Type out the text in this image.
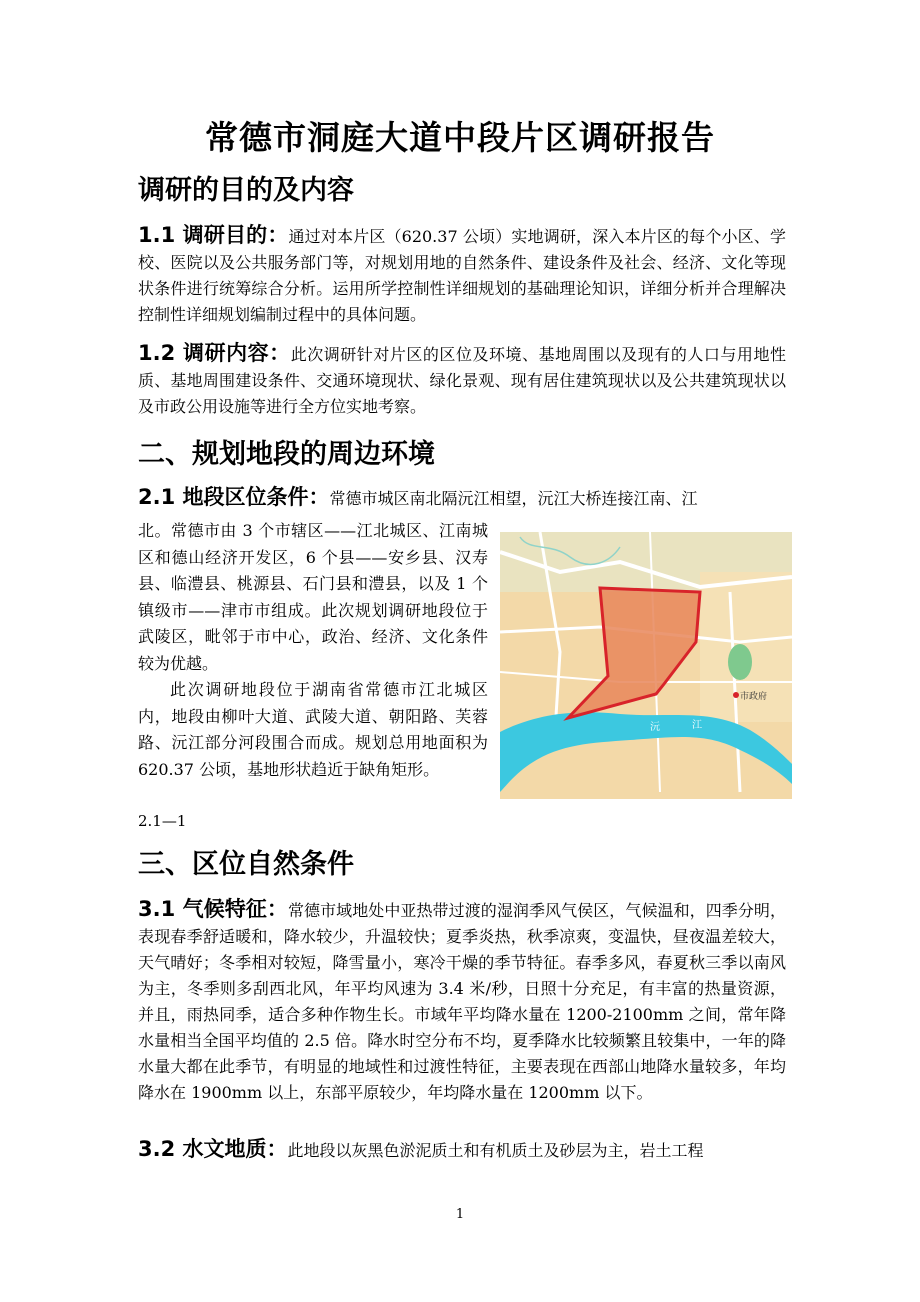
常德市洞庭大道中段片区调研报告
调研的目的及内容
1.1 调研目的：通过对本片区（620.37 公顷）实地调研，深入本片区的每个小区、学校、医院以及公共服务部门等，对规划用地的自然条件、建设条件及社会、经济、文化等现状条件进行统筹综合分析。运用所学控制性详细规划的基础理论知识，详细分析并合理解决控制性详细规划编制过程中的具体问题。
1.2 调研内容：此次调研针对片区的区位及环境、基地周围以及现有的人口与用地性质、基地周围建设条件、交通环境现状、绿化景观、现有居住建筑现状以及公共建筑现状以及市政公用设施等进行全方位实地考察。
二、规划地段的周边环境
2.1 地段区位条件：常德市城区南北隔沅江相望，沅江大桥连接江南、江
北。常德市由 3 个市辖区——江北城区、江南城区和德山经济开发区，6 个县——安乡县、汉寿县、临澧县、桃源县、石门县和澧县，以及 1 个镇级市——津市市组成。此次规划调研地段位于武陵区，毗邻于市中心，政治、经济、文化条件较为优越。
此次调研地段位于湖南省常德市江北城区内，地段由柳叶大道、武陵大道、朝阳路、芙蓉路、沅江部分河段围合而成。规划总用地面积为 620.37 公顷，基地形状趋近于缺角矩形。
沅	江
市政府
2.1—1
三、区位自然条件
3.1 气候特征：常德市域地处中亚热带过渡的湿润季风气侯区，气候温和，四季分明，表现春季舒适暖和，降水较少，升温较快；夏季炎热，秋季凉爽，变温快，昼夜温差较大，天气晴好；冬季相对较短，降雪量小，寒冷干燥的季节特征。春季多风，春夏秋三季以南风为主，冬季则多刮西北风，年平均风速为 3.4 米/秒，日照十分充足，有丰富的热量资源，并且，雨热同季，适合多种作物生长。市域年平均降水量在 1200-2100mm 之间，常年降水量相当全国平均值的 2.5 倍。降水时空分布不均，夏季降水比较频繁且较集中，一年的降水量大都在此季节，有明显的地域性和过渡性特征，主要表现在西部山地降水量较多，年均降水在 1900mm 以上，东部平原较少，年均降水量在 1200mm 以下。
3.2 水文地质：此地段以灰黑色淤泥质土和有机质土及砂层为主，岩土工程
1
